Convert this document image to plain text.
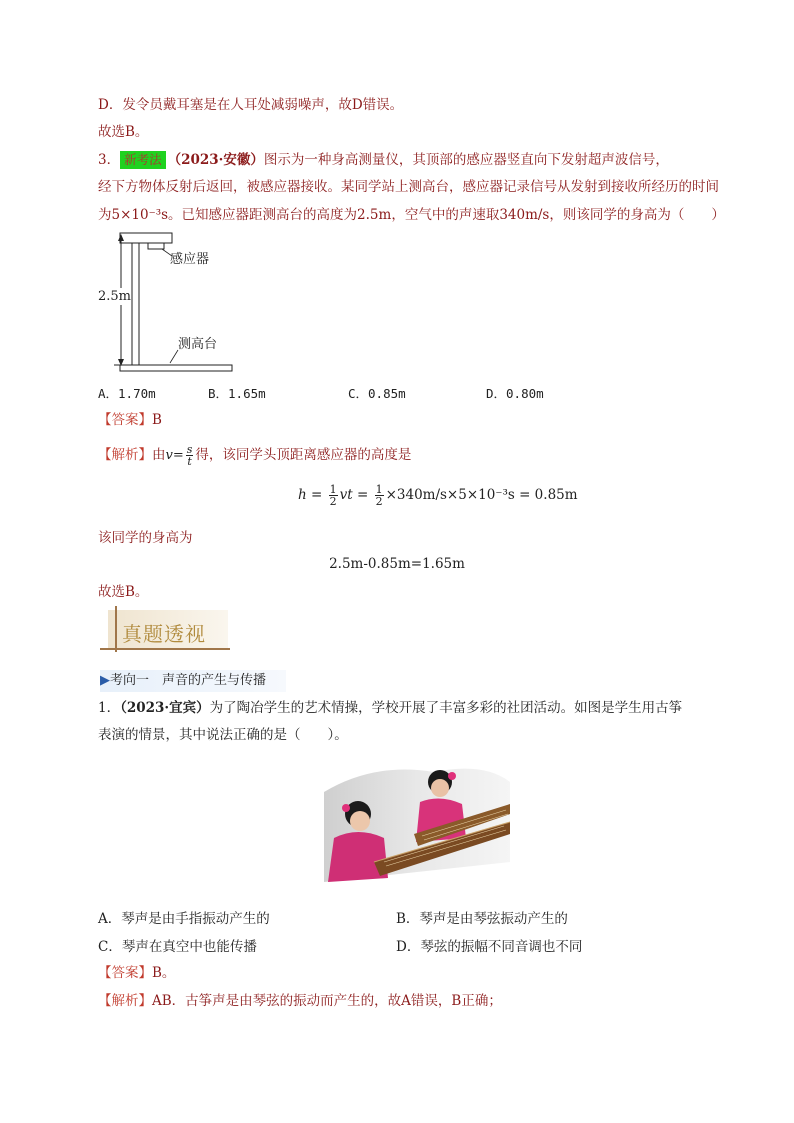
D．发令员戴耳塞是在人耳处减弱噪声，故D错误。
故选B。
3． 新考法 （2023·安徽）图示为一种身高测量仪，其顶部的感应器竖直向下发射超声波信号，
经下方物体反射后返回，被感应器接收。某同学站上测高台，感应器记录信号从发射到接收所经历的时间
为5×10⁻³s。已知感应器距测高台的高度为2.5m，空气中的声速取340m/s，则该同学的身高为（　　）
感应器
2.5m
测高台
A．1.70m	B．1.65m	C．0.85m	D．0.80m
【答案】B
【解析】由$v= \frac{s}{t}$ 得，该同学头顶距离感应器的高度是
$h = \frac{1}{2}$ vt = $\frac{1}{2} \times 340m/s\times 5\times 10^{-3}s = 0.85m$
该同学的身高为
2.5m-0.85m=1.65m
故选B。
真题透视
▶考向一　声音的产生与传播
1．（2023·宜宾）为了陶冶学生的艺术情操，学校开展了丰富多彩的社团活动。如图是学生用古筝
表演的情景，其中说法正确的是（　　）。
A．琴声是由手指振动产生的	B．琴声是由琴弦振动产生的
C．琴声在真空中也能传播	D．琴弦的振幅不同音调也不同
【答案】B。
【解析】AB．古筝声是由琴弦的振动而产生的，故A错误，B正确；
